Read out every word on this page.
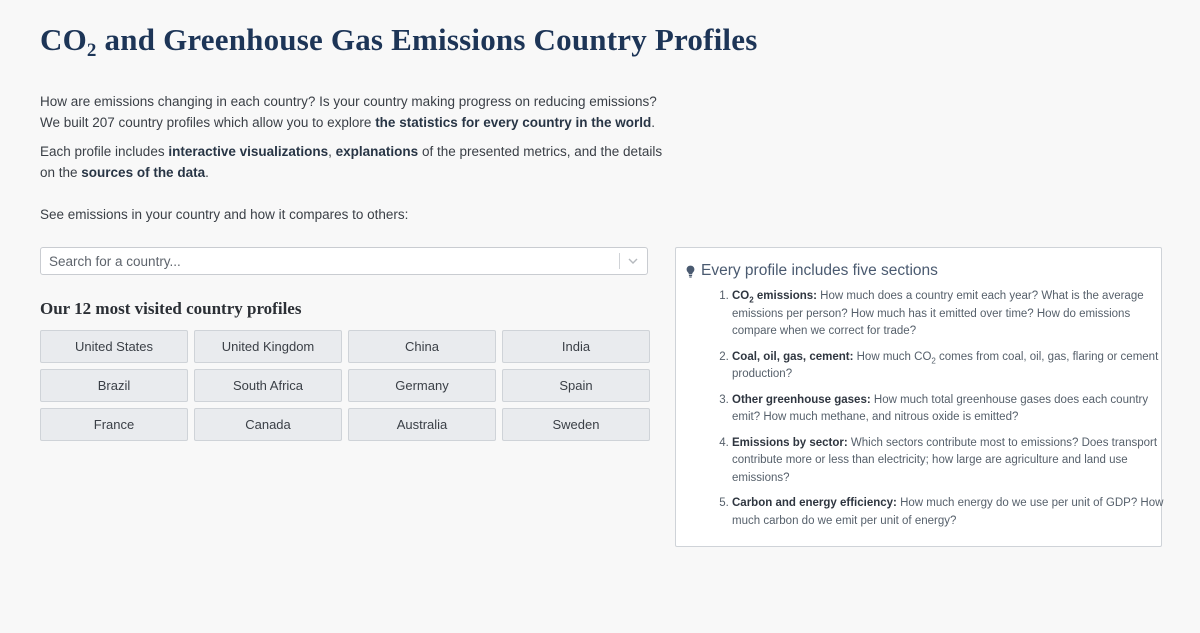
$CO_2$ and Greenhouse Gas Emissions Country Profiles

How are emissions changing in each country? Is your country making progress on reducing emissions? We built 207 country profiles which allow you to explore the statistics for every country in the world.

Each profile includes interactive visualizations, explanations of the presented metrics, and the details on the sources of the data.

See emissions in your country and how it compares to others:

Search for a country...
Our 12 most visited country profiles
United States	United Kingdom	China	India
Brazil	South Africa	Germany	Spain
France	Canada	Australia	Sweden
Every profile includes five sections
1. $CO_2$ emissions: How much does a country emit each year? What is the average emissions per person? How much has it emitted over time? How do emissions compare when we correct for trade?
2. Coal, oil, gas, cement: How much $CO_2$ comes from coal, oil, gas, flaring or cement production?
3. Other greenhouse gases: How much total greenhouse gases does each country emit? How much methane, and nitrous oxide is emitted?
4. Emissions by sector: Which sectors contribute most to emissions? Does transport contribute more or less than electricity; how large are agriculture and land use emissions?
5. Carbon and energy efficiency: How much energy do we use per unit of GDP? How much carbon do we emit per unit of energy?
